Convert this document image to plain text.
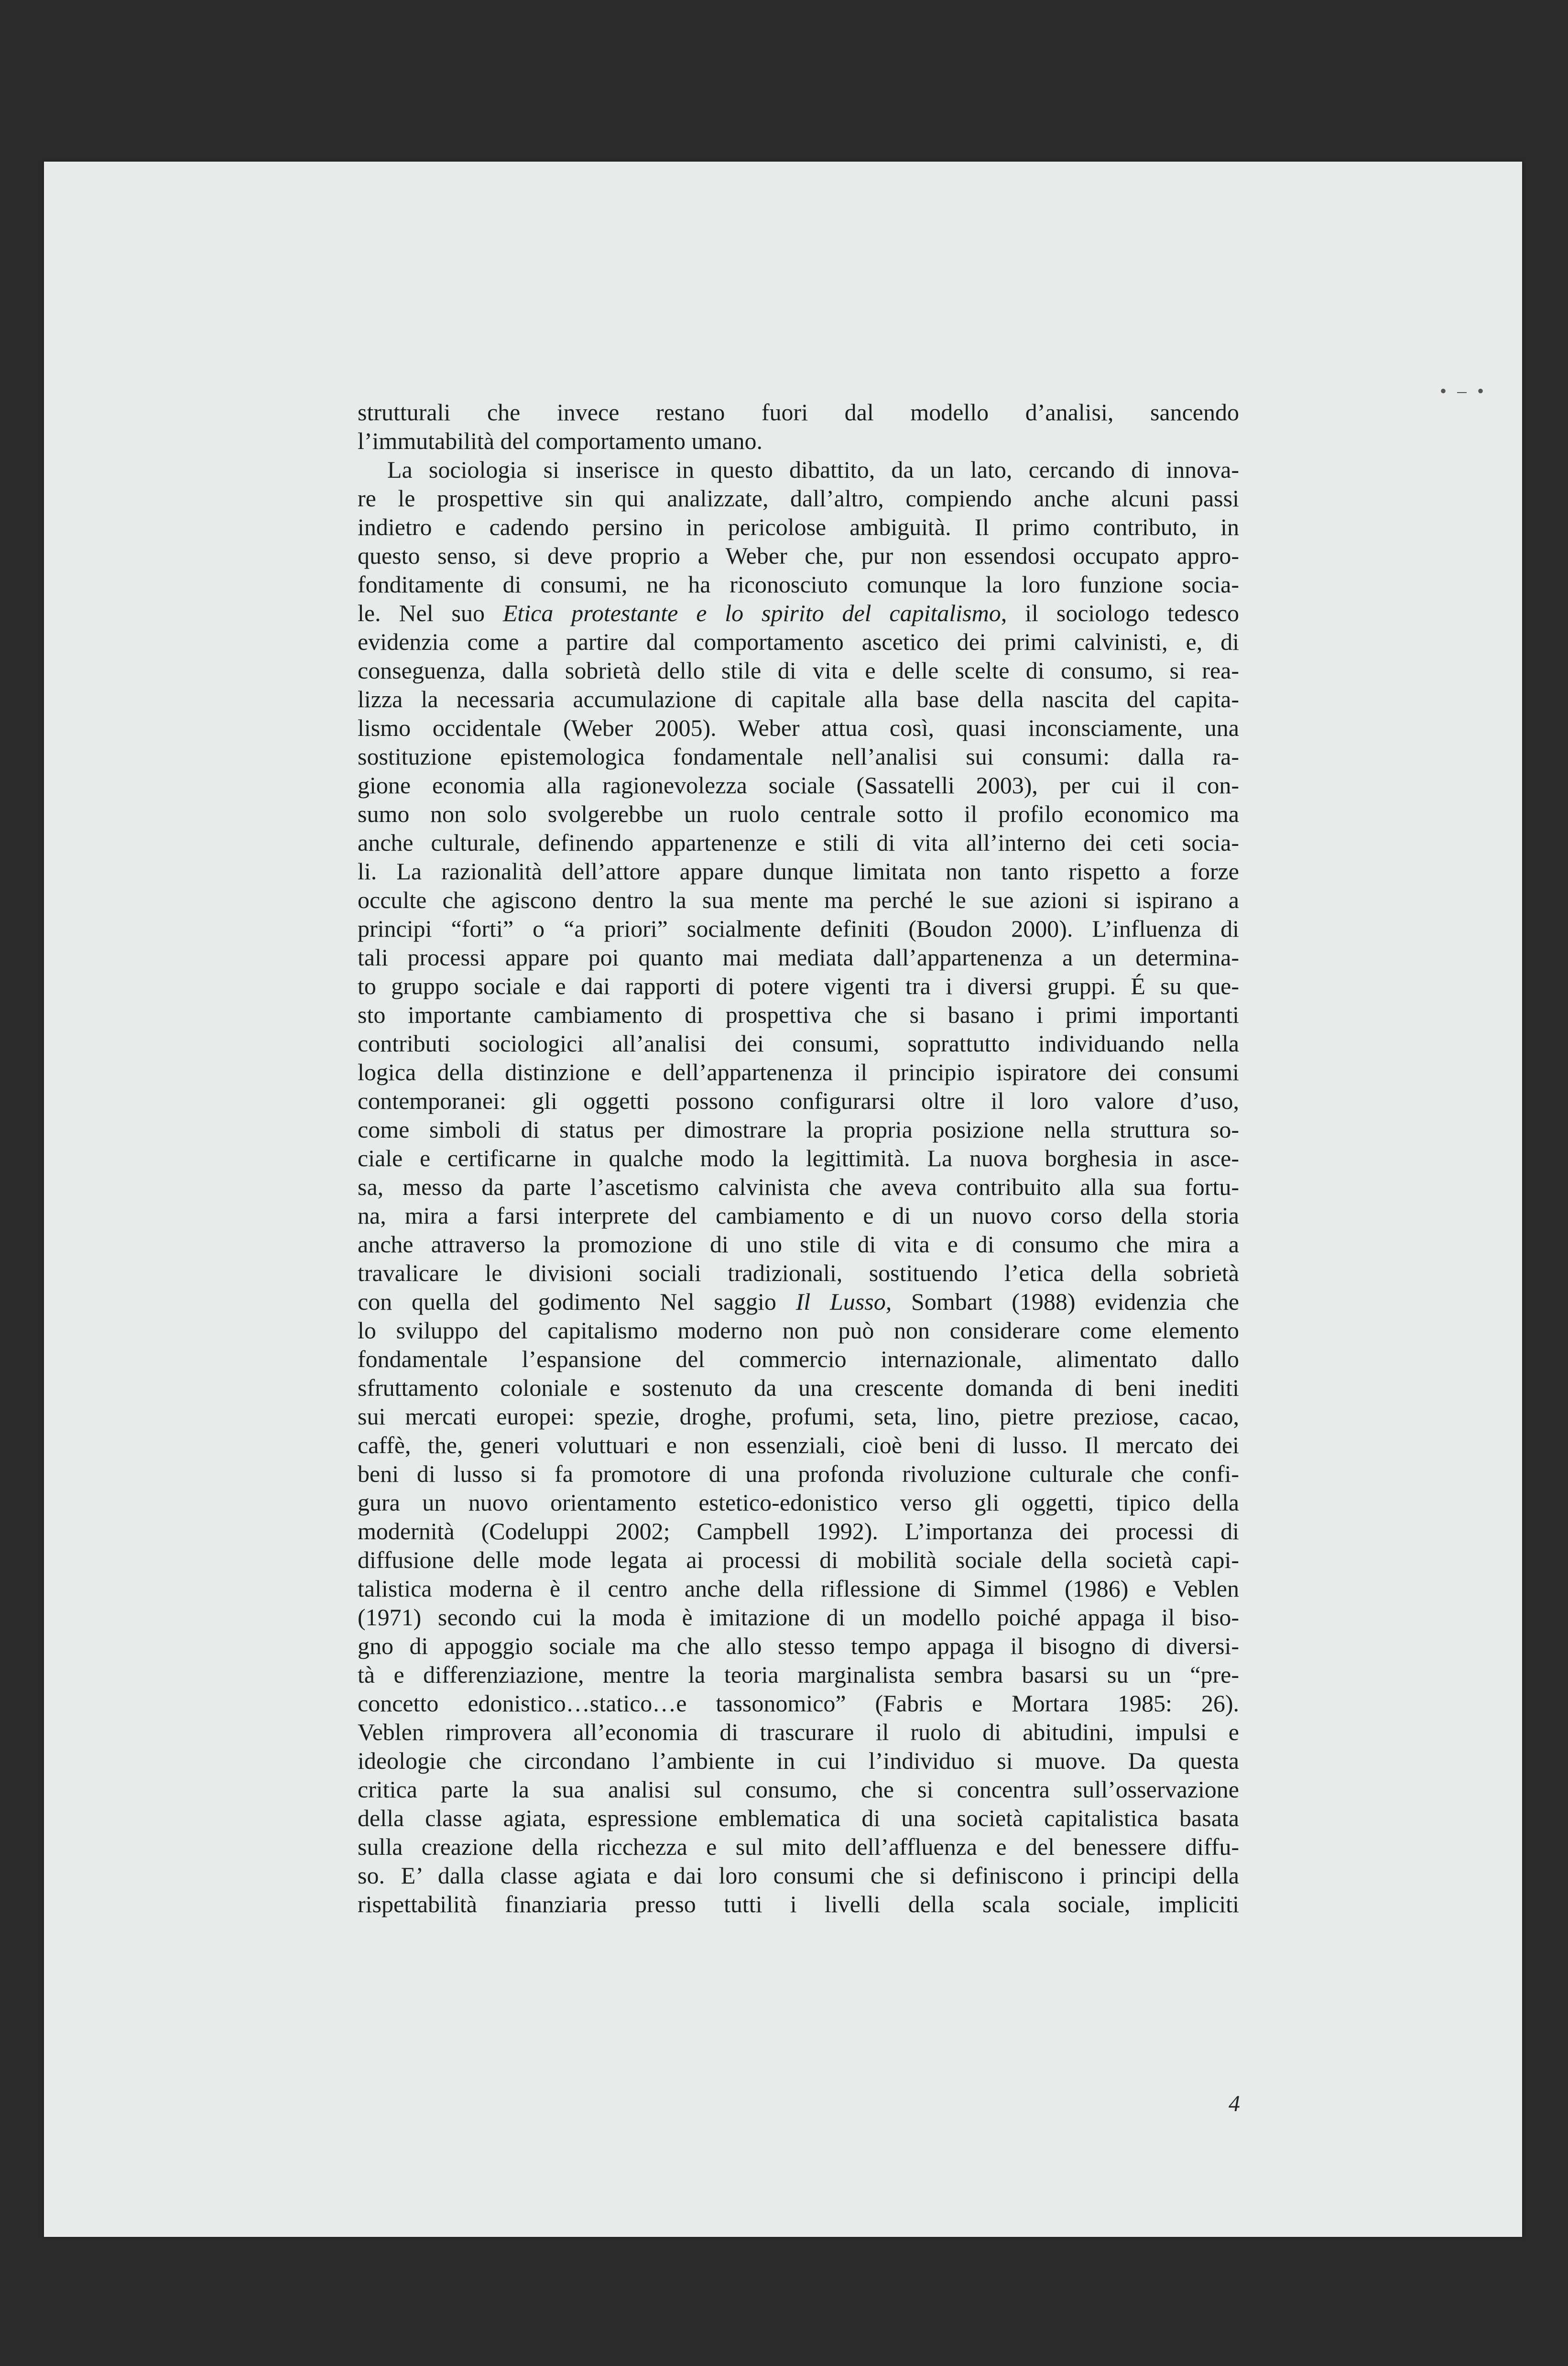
• ⎯ •
strutturali che invece restano fuori dal modello d’analisi, sancendo
l’immutabilità del comportamento umano.
La sociologia si inserisce in questo dibattito, da un lato, cercando di innova-
re le prospettive sin qui analizzate, dall’altro, compiendo anche alcuni passi
indietro e cadendo persino in pericolose ambiguità. Il primo contributo, in
questo senso, si deve proprio a Weber che, pur non essendosi occupato appro-
fonditamente di consumi, ne ha riconosciuto comunque la loro funzione socia-
le. Nel suo Etica protestante e lo spirito del capitalismo, il sociologo tedesco
evidenzia come a partire dal comportamento ascetico dei primi calvinisti, e, di
conseguenza, dalla sobrietà dello stile di vita e delle scelte di consumo, si rea-
lizza la necessaria accumulazione di capitale alla base della nascita del capita-
lismo occidentale (Weber 2005). Weber attua così, quasi inconsciamente, una
sostituzione epistemologica fondamentale nell’analisi sui consumi: dalla ra-
gione economia alla ragionevolezza sociale (Sassatelli 2003), per cui il con-
sumo non solo svolgerebbe un ruolo centrale sotto il profilo economico ma
anche culturale, definendo appartenenze e stili di vita all’interno dei ceti socia-
li. La razionalità dell’attore appare dunque limitata non tanto rispetto a forze
occulte che agiscono dentro la sua mente ma perché le sue azioni si ispirano a
principi “forti” o “a priori” socialmente definiti (Boudon 2000). L’influenza di
tali processi appare poi quanto mai mediata dall’appartenenza a un determina-
to gruppo sociale e dai rapporti di potere vigenti tra i diversi gruppi. É su que-
sto importante cambiamento di prospettiva che si basano i primi importanti
contributi sociologici all’analisi dei consumi, soprattutto individuando nella
logica della distinzione e dell’appartenenza il principio ispiratore dei consumi
contemporanei: gli oggetti possono configurarsi oltre il loro valore d’uso,
come simboli di status per dimostrare la propria posizione nella struttura so-
ciale e certificarne in qualche modo la legittimità. La nuova borghesia in asce-
sa, messo da parte l’ascetismo calvinista che aveva contribuito alla sua fortu-
na, mira a farsi interprete del cambiamento e di un nuovo corso della storia
anche attraverso la promozione di uno stile di vita e di consumo che mira a
travalicare le divisioni sociali tradizionali, sostituendo l’etica della sobrietà
con quella del godimento Nel saggio Il Lusso, Sombart (1988) evidenzia che
lo sviluppo del capitalismo moderno non può non considerare come elemento
fondamentale l’espansione del commercio internazionale, alimentato dallo
sfruttamento coloniale e sostenuto da una crescente domanda di beni inediti
sui mercati europei: spezie, droghe, profumi, seta, lino, pietre preziose, cacao,
caffè, the, generi voluttuari e non essenziali, cioè beni di lusso. Il mercato dei
beni di lusso si fa promotore di una profonda rivoluzione culturale che confi-
gura un nuovo orientamento estetico-edonistico verso gli oggetti, tipico della
modernità (Codeluppi 2002; Campbell 1992). L’importanza dei processi di
diffusione delle mode legata ai processi di mobilità sociale della società capi-
talistica moderna è il centro anche della riflessione di Simmel (1986) e Veblen
(1971) secondo cui la moda è imitazione di un modello poiché appaga il biso-
gno di appoggio sociale ma che allo stesso tempo appaga il bisogno di diversi-
tà e differenziazione, mentre la teoria marginalista sembra basarsi su un “pre-
concetto edonistico…statico…e tassonomico” (Fabris e Mortara 1985: 26).
Veblen rimprovera all’economia di trascurare il ruolo di abitudini, impulsi e
ideologie che circondano l’ambiente in cui l’individuo si muove. Da questa
critica parte la sua analisi sul consumo, che si concentra sull’osservazione
della classe agiata, espressione emblematica di una società capitalistica basata
sulla creazione della ricchezza e sul mito dell’affluenza e del benessere diffu-
so. E’ dalla classe agiata e dai loro consumi che si definiscono i principi della
rispettabilità finanziaria presso tutti i livelli della scala sociale, impliciti
4
